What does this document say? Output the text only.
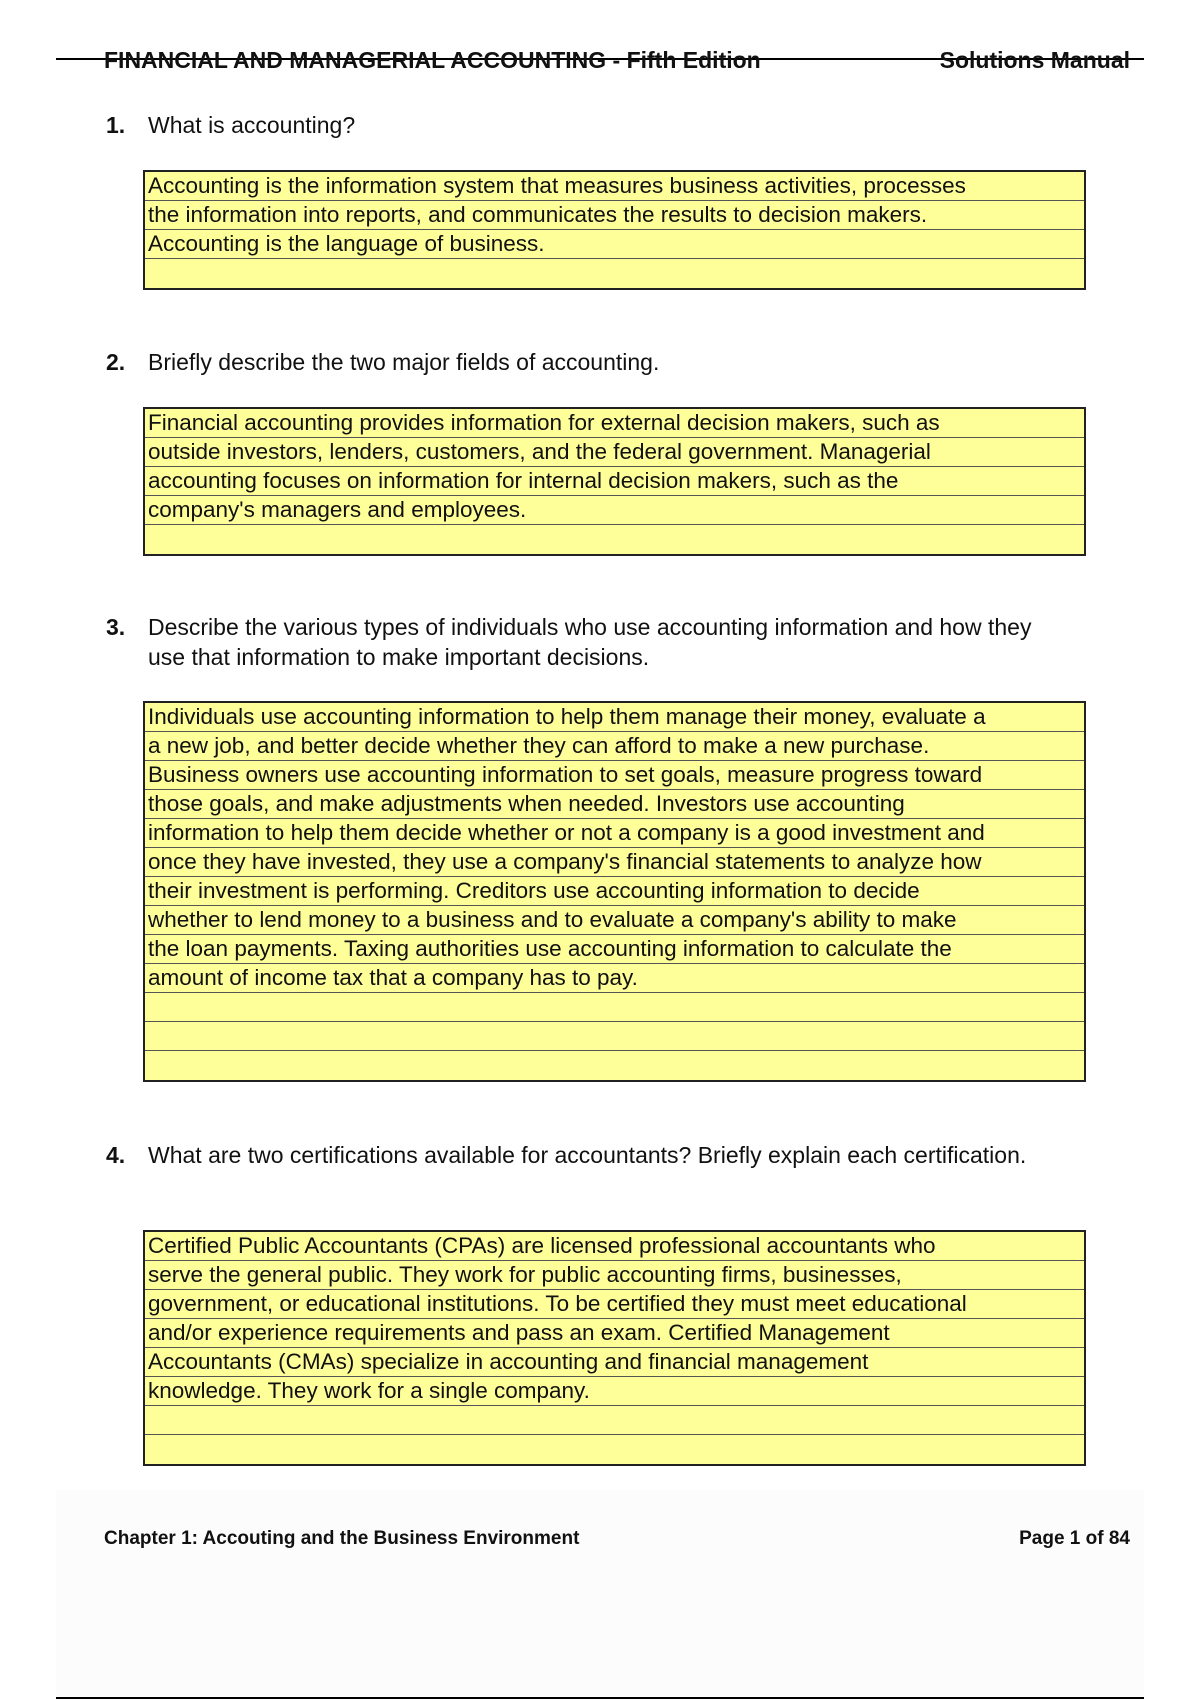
FINANCIAL AND MANAGERIAL ACCOUNTING - Fifth Edition	Solutions Manual
1. What is accounting?
Accounting is the information system that measures business activities, processes
the information into reports, and communicates the results to decision makers.
Accounting is the language of business.
2. Briefly describe the two major fields of accounting.
Financial accounting provides information for external decision makers, such as
outside investors, lenders, customers, and the federal government. Managerial
accounting focuses on information for internal decision makers, such as the
company's managers and employees.
3. Describe the various types of individuals who use accounting information and how they use that information to make important decisions.
Individuals use accounting information to help them manage their money, evaluate a
a new job, and better decide whether they can afford to make a new purchase.
Business owners use accounting information to set goals, measure progress toward
those goals, and make adjustments when needed. Investors use accounting
information to help them decide whether or not a company is a good investment and
once they have invested, they use a company's financial statements to analyze how
their investment is performing. Creditors use accounting information to decide
whether to lend money to a business and to evaluate a company's ability to make
the loan payments. Taxing authorities use accounting information to calculate the
amount of income tax that a company has to pay.
4. What are two certifications available for accountants? Briefly explain each certification.
Certified Public Accountants (CPAs) are licensed professional accountants who
serve the general public. They work for public accounting firms, businesses,
government, or educational institutions. To be certified they must meet educational
and/or experience requirements and pass an exam. Certified Management
Accountants (CMAs) specialize in accounting and financial management
knowledge. They work for a single company.
Chapter 1: Accouting and the Business Environment	Page 1 of 84
